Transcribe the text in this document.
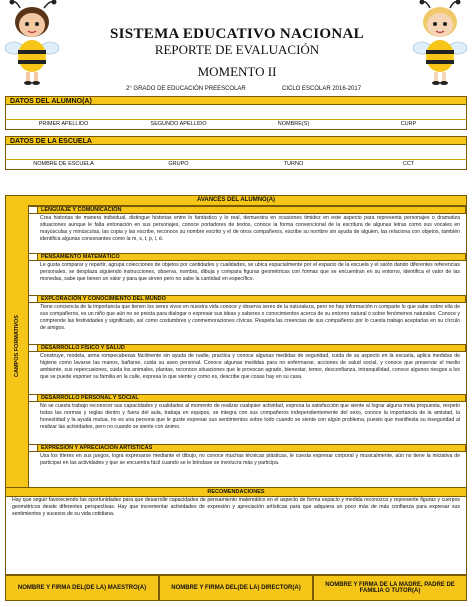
SISTEMA EDUCATIVO NACIONAL
REPORTE DE EVALUACIÓN
MOMENTO II
2° GRADO DE EDUCACIÓN PREESCOLAR	CICLO ESCOLAR 2016-2017
DATOS DEL ALUMNO(A)
PRIMER APELLIDO	SEGUNDO APELLIDO	NOMBRE(S)	CURP
DATOS DE LA ESCUELA
NOMBRE DE ESCUELA	GRUPO	TURNO	CCT
AVANCES DEL ALUMNO(A)
CAMPOS FORMATIVOS
LENGUAJE Y COMUNICACIÓN
Crea historias de manera individual, distingue historias entre lo fantástico y lo real, demuestra en ocasiones timidez en este aspecto para representa personajes o dramatiza situaciones aunque le falta entonación en sus personajes, conoce portadores de textos, conoce la forma convencional de la escritura de algunas letras como sus vocales en mayúsculas y minúsculas, las copia y las escribe, reconoce su nombre escrito y el de otros compañeros, escribe su nombre sin ayuda de alguien, las relaciona con objetos, también identifica algunas consonantes como la m, s, t, p, l, d.
PENSAMIENTO MATEMÁTICO
Le gusta comparar y repartir, agrupa colecciones de objetos por cantidades y cualidades, se ubica espacialmente por el espacio de la escuela y el salón dando diferentes referencias personales, se desplaza siguiendo instrucciones, observa, nombra, dibuja y compara figuras geométricas con formas que se encuentran en su entorno, identifica el valor de las monedas, sabe que tienen un valor y para que sirven pero no sabe la cantidad en específico.
EXPLORACIÓN Y CONOCIMIENTO DEL MUNDO
Tiene conciencia de la importancia que tienen los seres vivos en nuestra vida conoce y observa seres de la naturaleza, pero no hay información n comparte lo que sabe sobre ella de sus compañeros, es un niño que aún no se presta para dialogar o expresar sus ideas y saberes o conocimientos acerca de su entorno natural o sobre fenómenos naturales. Conoce y comprende las festividades y significado, así como costumbres y conmemoraciones cívicas. Respeta las creencias de sus compañeros por lo cuesta trabajo aceptarlas en su círculo de amigos.
DESARROLLO FÍSICO Y SALUD
Construye, modela, arma rompecabezas fácilmente sin ayuda de nadie, practica y conoce algunas medidas de seguridad, cuida de su aspecto en la escuela, aplica medidas de higiene como lavarse las manos, bañarse, cuida su aseo personal. Conoce algunas medidas para no enfermarse, acciones de salud social, y conoce que preservar el medio ambiente, sus repercusiones, cuida los animales, plantas, reconoce situaciones que le provocan agrado, bienestar, temor, desconfianza, intranquilidad, conoce algunos riesgos a los que se puede exponer su familia en la calle, expresa lo que siente y como es, describe que cosas hay en su casa.
DESARROLLO PERSONAL Y SOCIAL
No se cuesta trabajo reconocer sus capacidades y cualidades al momento de realizar cualquier actividad, expresa la satisfacción que siente al lograr alguna meta propuesta, respeto todas las normas y reglas dentro y fuera del aula, trabaja en equipos, se integra con sus compañeros independientemente del sexo, conoce la importancia de la amistad, la honestidad y la ayuda mutua, no es una persona que le guste expresar sus sentimientos sobre todo cuando se siente con algún problema, puesto que manifiesta su inseguridad al realizar las actividades, pero no cuando se siente con ánimo.
EXPRESIÓN Y APRECIACIÓN ARTÍSTICAS
Usa los títeres en sus juegos, logra expresarse mediante el dibujo, no conoce muchas técnicas plásticas, le cuesta expresar corporal y musicalmente, aún no tiene la iniciativa de participar en las actividades y que se encuentra fácil cuando se le brindase se involucra más y participa.
RECOMENDACIONES
Hay que seguir favoreciendo las oportunidades para que desarrolle capacidades de pensamiento matemático en el aspecto de forma espacio y medida reconozca y represente figuras y cuerpos geométricos desde diferentes perspectivas. Hay que incrementar actividades de expresión y apreciación artísticas para que adquiera un poco más de más confianza para expresar sus sentimientos y sucesos de su vida cotidiana.
NOMBRE Y FIRMA DEL(DE LA) MAESTRO(A)	NOMBRE Y FIRMA DEL(DE LA) DIRECTOR(A)	NOMBRE Y FIRMA DE LA MADRE, PADRE DE FAMILIA O TUTOR(A)
